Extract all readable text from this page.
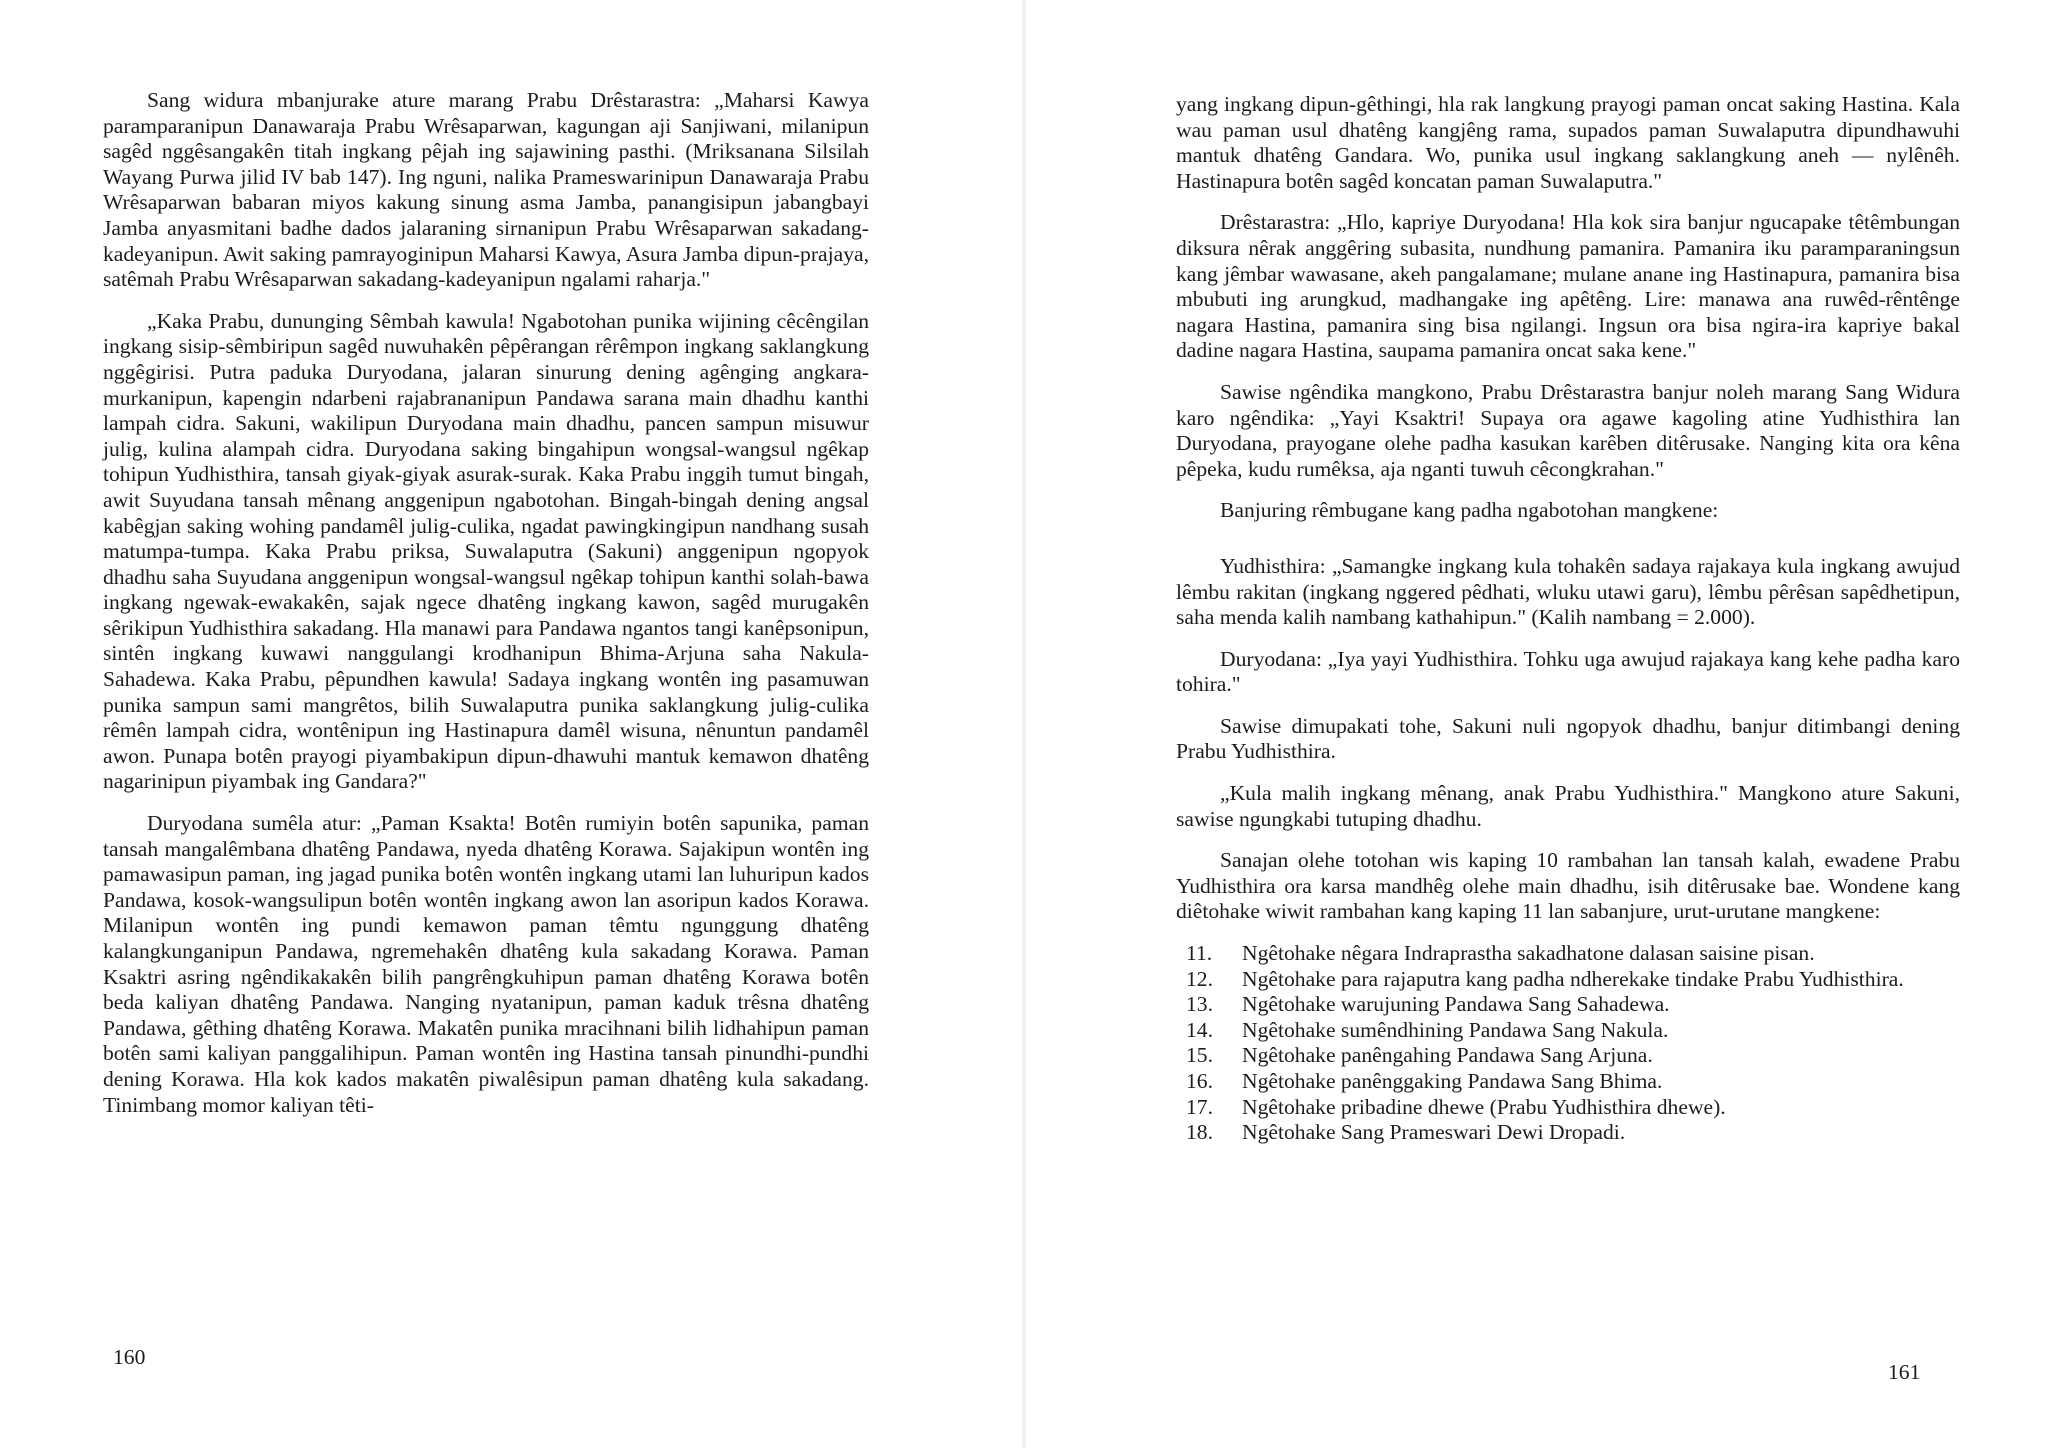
Sang widura mbanjurake ature marang Prabu Drêstarastra: „Maharsi Kawya paramparanipun Danawaraja Prabu Wrêsaparwan, kagungan aji Sanjiwani, milanipun sagêd nggêsangakên titah ingkang pêjah ing sajawining pasthi. (Mriksanana Silsilah Wayang Purwa jilid IV bab 147). Ing nguni, nalika Prameswarinipun Danawaraja Prabu Wrêsaparwan babaran miyos kakung sinung asma Jamba, panangisipun jabangbayi Jamba anyasmitani badhe dados jalaraning sirnanipun Prabu Wrêsaparwan sakadang-kadeyanipun. Awit saking pamrayoginipun Maharsi Kawya, Asura Jamba dipun-prajaya, satêmah Prabu Wrêsaparwan sakadang-kadeyanipun ngalami raharja."

„Kaka Prabu, dununging Sêmbah kawula! Ngabotohan punika wijining cêcêngilan ingkang sisip-sêmbiripun sagêd nuwuhakên pêpêrangan rêrêmpon ingkang saklangkung nggêgirisi. Putra paduka Duryodana, jalaran sinurung dening agênging angkara-murkanipun, kapengin ndarbeni rajabrananipun Pandawa sarana main dhadhu kanthi lampah cidra. Sakuni, wakilipun Duryodana main dhadhu, pancen sampun misuwur julig, kulina alampah cidra. Duryodana saking bingahipun wongsal-wangsul ngêkap tohipun Yudhisthira, tansah giyak-giyak asurak-surak. Kaka Prabu inggih tumut bingah, awit Suyudana tansah mênang anggenipun ngabotohan. Bingah-bingah dening angsal kabêgjan saking wohing pandamêl julig-culika, ngadat pawingkingipun nandhang susah matumpa-tumpa. Kaka Prabu priksa, Suwalaputra (Sakuni) anggenipun ngopyok dhadhu saha Suyudana anggenipun wongsal-wangsul ngêkap tohipun kanthi solah-bawa ingkang ngewak-ewakakên, sajak ngece dhatêng ingkang kawon, sagêd murugakên sêrikipun Yudhisthira sakadang. Hla manawi para Pandawa ngantos tangi kanêpsonipun, sintên ingkang kuwawi nanggulangi krodhanipun Bhima-Arjuna saha Nakula-Sahadewa. Kaka Prabu, pêpundhen kawula! Sadaya ingkang wontên ing pasamuwan punika sampun sami mangrêtos, bilih Suwalaputra punika saklangkung julig-culika rêmên lampah cidra, wontênipun ing Hastinapura damêl wisuna, nênuntun pandamêl awon. Punapa botên prayogi piyambakipun dipun-dhawuhi mantuk kemawon dhatêng nagarinipun piyambak ing Gandara?"

Duryodana sumêla atur: „Paman Ksakta! Botên rumiyin botên sapunika, paman tansah mangalêmbana dhatêng Pandawa, nyeda dhatêng Korawa. Sajakipun wontên ing pamawasipun paman, ing jagad punika botên wontên ingkang utami lan luhuripun kados Pandawa, kosok-wangsulipun botên wontên ingkang awon lan asoripun kados Korawa. Milanipun wontên ing pundi kemawon paman têmtu ngunggung dhatêng kalangkunganipun Pandawa, ngremehakên dhatêng kula sakadang Korawa. Paman Ksaktri asring ngêndikakakên bilih pangrêngkuhipun paman dhatêng Korawa botên beda kaliyan dhatêng Pandawa. Nanging nyatanipun, paman kaduk trêsna dhatêng Pandawa, gêthing dhatêng Korawa. Makatên punika mracihnani bilih lidhahipun paman botên sami kaliyan panggalihipun. Paman wontên ing Hastina tansah pinundhi-pundhi dening Korawa. Hla kok kados makatên piwalêsipun paman dhatêng kula sakadang. Tinimbang momor kaliyan têti-

160

yang ingkang dipun-gêthingi, hla rak langkung prayogi paman oncat saking Hastina. Kala wau paman usul dhatêng kangjêng rama, supados paman Suwalaputra dipundhawuhi mantuk dhatêng Gandara. Wo, punika usul ingkang saklangkung aneh — nylênêh. Hastinapura botên sagêd koncatan paman Suwalaputra."

Drêstarastra: „Hlo, kapriye Duryodana! Hla kok sira banjur ngucapake têtêmbungan diksura nêrak anggêring subasita, nundhung pamanira. Pamanira iku paramparaningsun kang jêmbar wawasane, akeh pangalamane; mulane anane ing Hastinapura, pamanira bisa mbubuti ing arungkud, madhangake ing apêtêng. Lire: manawa ana ruwêd-rêntênge nagara Hastina, pamanira sing bisa ngilangi. Ingsun ora bisa ngira-ira kapriye bakal dadine nagara Hastina, saupama pamanira oncat saka kene."

Sawise ngêndika mangkono, Prabu Drêstarastra banjur noleh marang Sang Widura karo ngêndika: „Yayi Ksaktri! Supaya ora agawe kagoling atine Yudhisthira lan Duryodana, prayogane olehe padha kasukan karêben ditêrusake. Nanging kita ora kêna pêpeka, kudu rumêksa, aja nganti tuwuh cêcongkrahan."

Banjuring rêmbugane kang padha ngabotohan mangkene:

Yudhisthira: „Samangke ingkang kula tohakên sadaya rajakaya kula ingkang awujud lêmbu rakitan (ingkang nggered pêdhati, wluku utawi garu), lêmbu pêrêsan sapêdhetipun, saha menda kalih nambang kathahipun." (Kalih nambang = 2.000).

Duryodana: „Iya yayi Yudhisthira. Tohku uga awujud rajakaya kang kehe padha karo tohira."

Sawise dimupakati tohe, Sakuni nuli ngopyok dhadhu, banjur ditimbangi dening Prabu Yudhisthira.

„Kula malih ingkang mênang, anak Prabu Yudhisthira." Mangkono ature Sakuni, sawise ngungkabi tutuping dhadhu.

Sanajan olehe totohan wis kaping 10 rambahan lan tansah kalah, ewadene Prabu Yudhisthira ora karsa mandhêg olehe main dhadhu, isih ditêrusake bae. Wondene kang diêtohake wiwit rambahan kang kaping 11 lan sabanjure, urut-urutane mangkene:

11.	Ngêtohake nêgara Indraprastha sakadhatone dalasan saisine pisan.
12.	Ngêtohake para rajaputra kang padha ndherekake tindake Prabu Yudhisthira.
13.	Ngêtohake warujuning Pandawa Sang Sahadewa.
14.	Ngêtohake sumêndhining Pandawa Sang Nakula.
15.	Ngêtohake panêngahing Pandawa Sang Arjuna.
16.	Ngêtohake panênggaking Pandawa Sang Bhima.
17.	Ngêtohake pribadine dhewe (Prabu Yudhisthira dhewe).
18.	Ngêtohake Sang Prameswari Dewi Dropadi.
161
